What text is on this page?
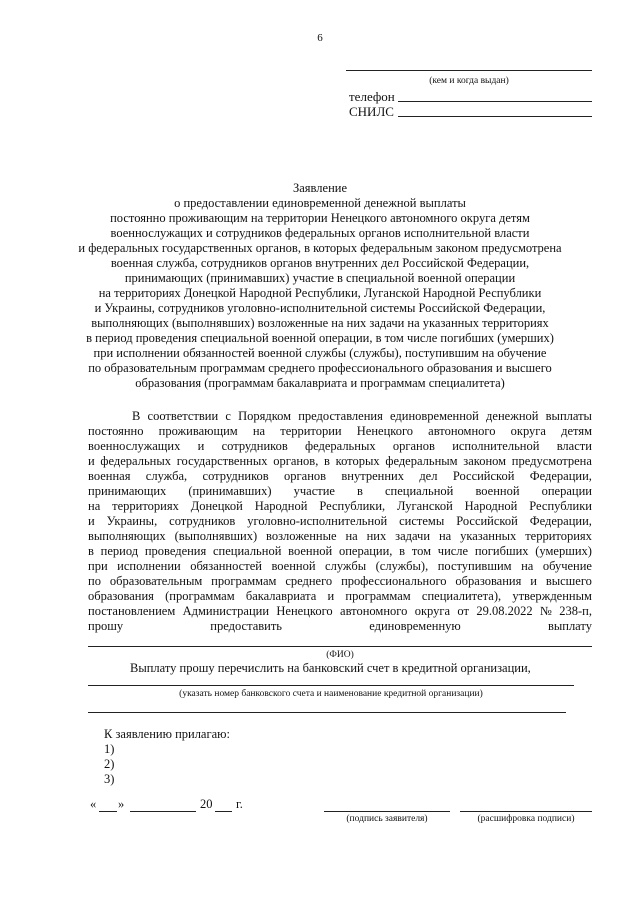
6
(кем и когда выдан)
телефон
СНИЛС
Заявление
о предоставлении единовременной денежной выплаты
постоянно проживающим на территории Ненецкого автономного округа детям
военнослужащих и сотрудников федеральных органов исполнительной власти
и федеральных государственных органов, в которых федеральным законом предусмотрена
военная служба, сотрудников органов внутренних дел Российской Федерации,
принимающих (принимавших) участие в специальной военной операции
на территориях Донецкой Народной Республики, Луганской Народной Республики
и Украины, сотрудников уголовно-исполнительной системы Российской Федерации,
выполняющих (выполнявших) возложенные на них задачи на указанных территориях
в период проведения специальной военной операции, в том числе погибших (умерших)
при исполнении обязанностей военной службы (службы), поступившим на обучение
по образовательным программам среднего профессионального образования и высшего
образования (программам бакалавриата и программам специалитета)
В соответствии с Порядком предоставления единовременной денежной выплаты
постоянно проживающим на территории Ненецкого автономного округа детям
военнослужащих и сотрудников федеральных органов исполнительной власти
и федеральных государственных органов, в которых федеральным законом предусмотрена
военная служба, сотрудников органов внутренних дел Российской Федерации,
принимающих (принимавших) участие в специальной военной операции
на территориях Донецкой Народной Республики, Луганской Народной Республики
и Украины, сотрудников уголовно-исполнительной системы Российской Федерации,
выполняющих (выполнявших) возложенные на них задачи на указанных территориях
в период проведения специальной военной операции, в том числе погибших (умерших)
при исполнении обязанностей военной службы (службы), поступившим на обучение
по образовательным программам среднего профессионального образования и высшего
образования (программам бакалавриата и программам специалитета), утвержденным
постановлением Администрации Ненецкого автономного округа от 29.08.2022 № 238-п,
прошу	предоставить	единовременную	выплату
(ФИО)
Выплату прошу перечислить на банковский счет в кредитной организации,
(указать номер банковского счета и наименование кредитной организации)
К заявлению прилагаю:
1)
2)
3)
« »	20 г.
(подпись заявителя)	(расшифровка подписи)
